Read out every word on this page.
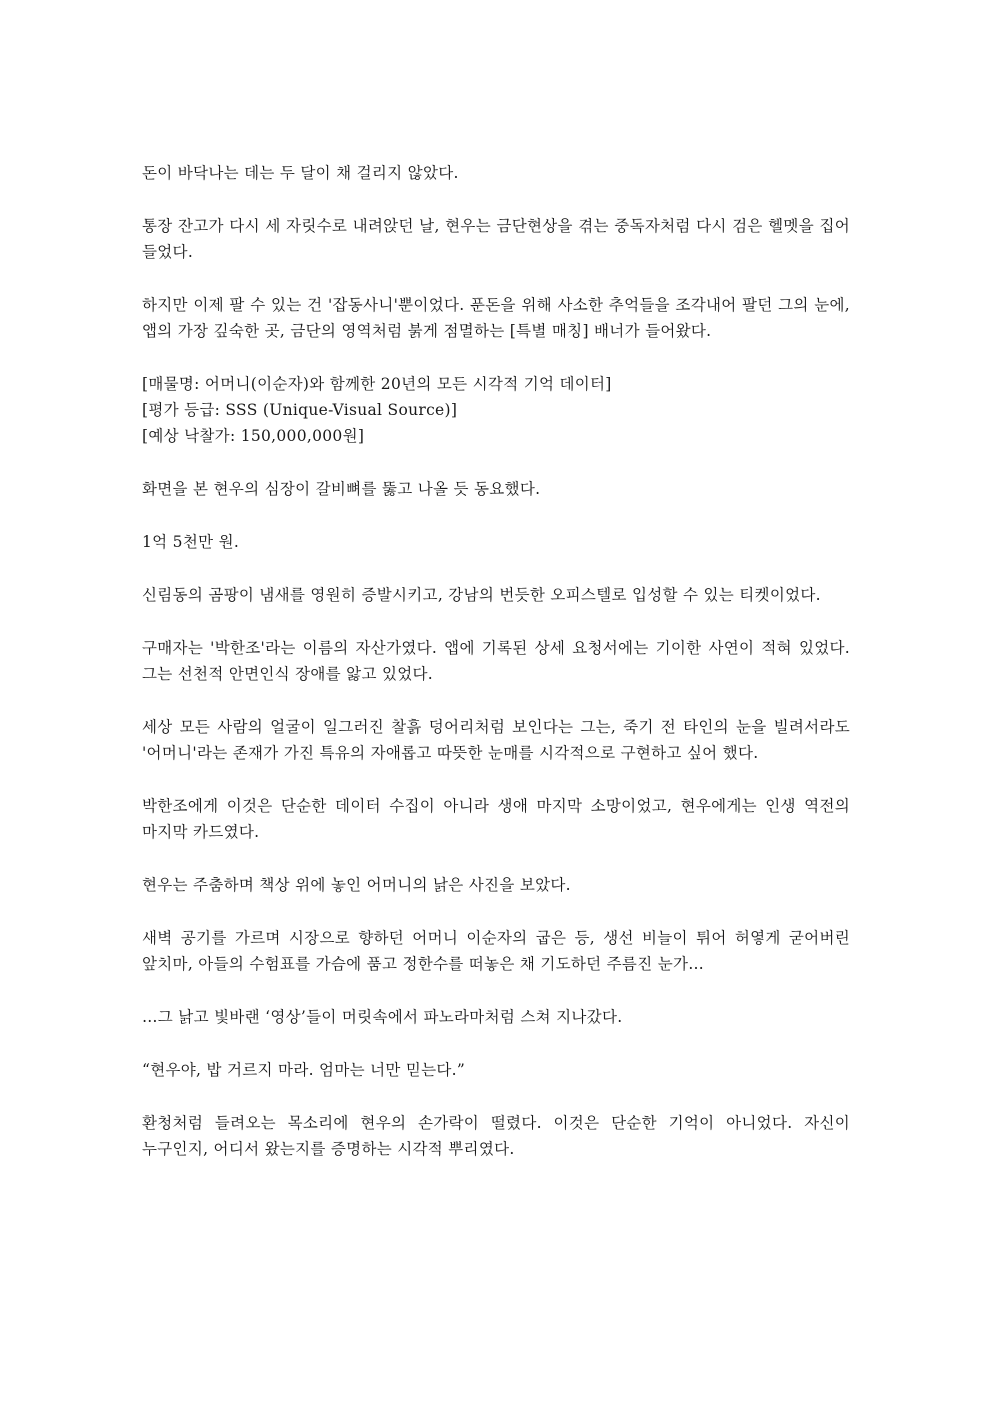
돈이 바닥나는 데는 두 달이 채 걸리지 않았다.

통장 잔고가 다시 세 자릿수로 내려앉던 날, 현우는 금단현상을 겪는 중독자처럼 다시 검은 헬멧을 집어 들었다.

하지만 이제 팔 수 있는 건 '잡동사니'뿐이었다. 푼돈을 위해 사소한 추억들을 조각내어 팔던 그의 눈에, 앱의 가장 깊숙한 곳, 금단의 영역처럼 붉게 점멸하는 [특별 매칭] 배너가 들어왔다.

[매물명: 어머니(이순자)와 함께한 20년의 모든 시각적 기억 데이터]
[평가 등급: SSS (Unique-Visual Source)]
[예상 낙찰가: 150,000,000원]

화면을 본 현우의 심장이 갈비뼈를 뚫고 나올 듯 동요했다.

1억 5천만 원.

신림동의 곰팡이 냄새를 영원히 증발시키고, 강남의 번듯한 오피스텔로 입성할 수 있는 티켓이었다.

구매자는 '박한조'라는 이름의 자산가였다. 앱에 기록된 상세 요청서에는 기이한 사연이 적혀 있었다. 그는 선천적 안면인식 장애를 앓고 있었다.

세상 모든 사람의 얼굴이 일그러진 찰흙 덩어리처럼 보인다는 그는, 죽기 전 타인의 눈을 빌려서라도 '어머니'라는 존재가 가진 특유의 자애롭고 따뜻한 눈매를 시각적으로 구현하고 싶어 했다.

박한조에게 이것은 단순한 데이터 수집이 아니라 생애 마지막 소망이었고, 현우에게는 인생 역전의 마지막 카드였다.

현우는 주춤하며 책상 위에 놓인 어머니의 낡은 사진을 보았다.

새벽 공기를 가르며 시장으로 향하던 어머니 이순자의 굽은 등, 생선 비늘이 튀어 허옇게 굳어버린 앞치마, 아들의 수험표를 가슴에 품고 정한수를 떠놓은 채 기도하던 주름진 눈가…

…그 낡고 빛바랜 ‘영상’들이 머릿속에서 파노라마처럼 스쳐 지나갔다.

“현우야, 밥 거르지 마라. 엄마는 너만 믿는다.”

환청처럼 들려오는 목소리에 현우의 손가락이 떨렸다. 이것은 단순한 기억이 아니었다. 자신이 누구인지, 어디서 왔는지를 증명하는 시각적 뿌리였다.
